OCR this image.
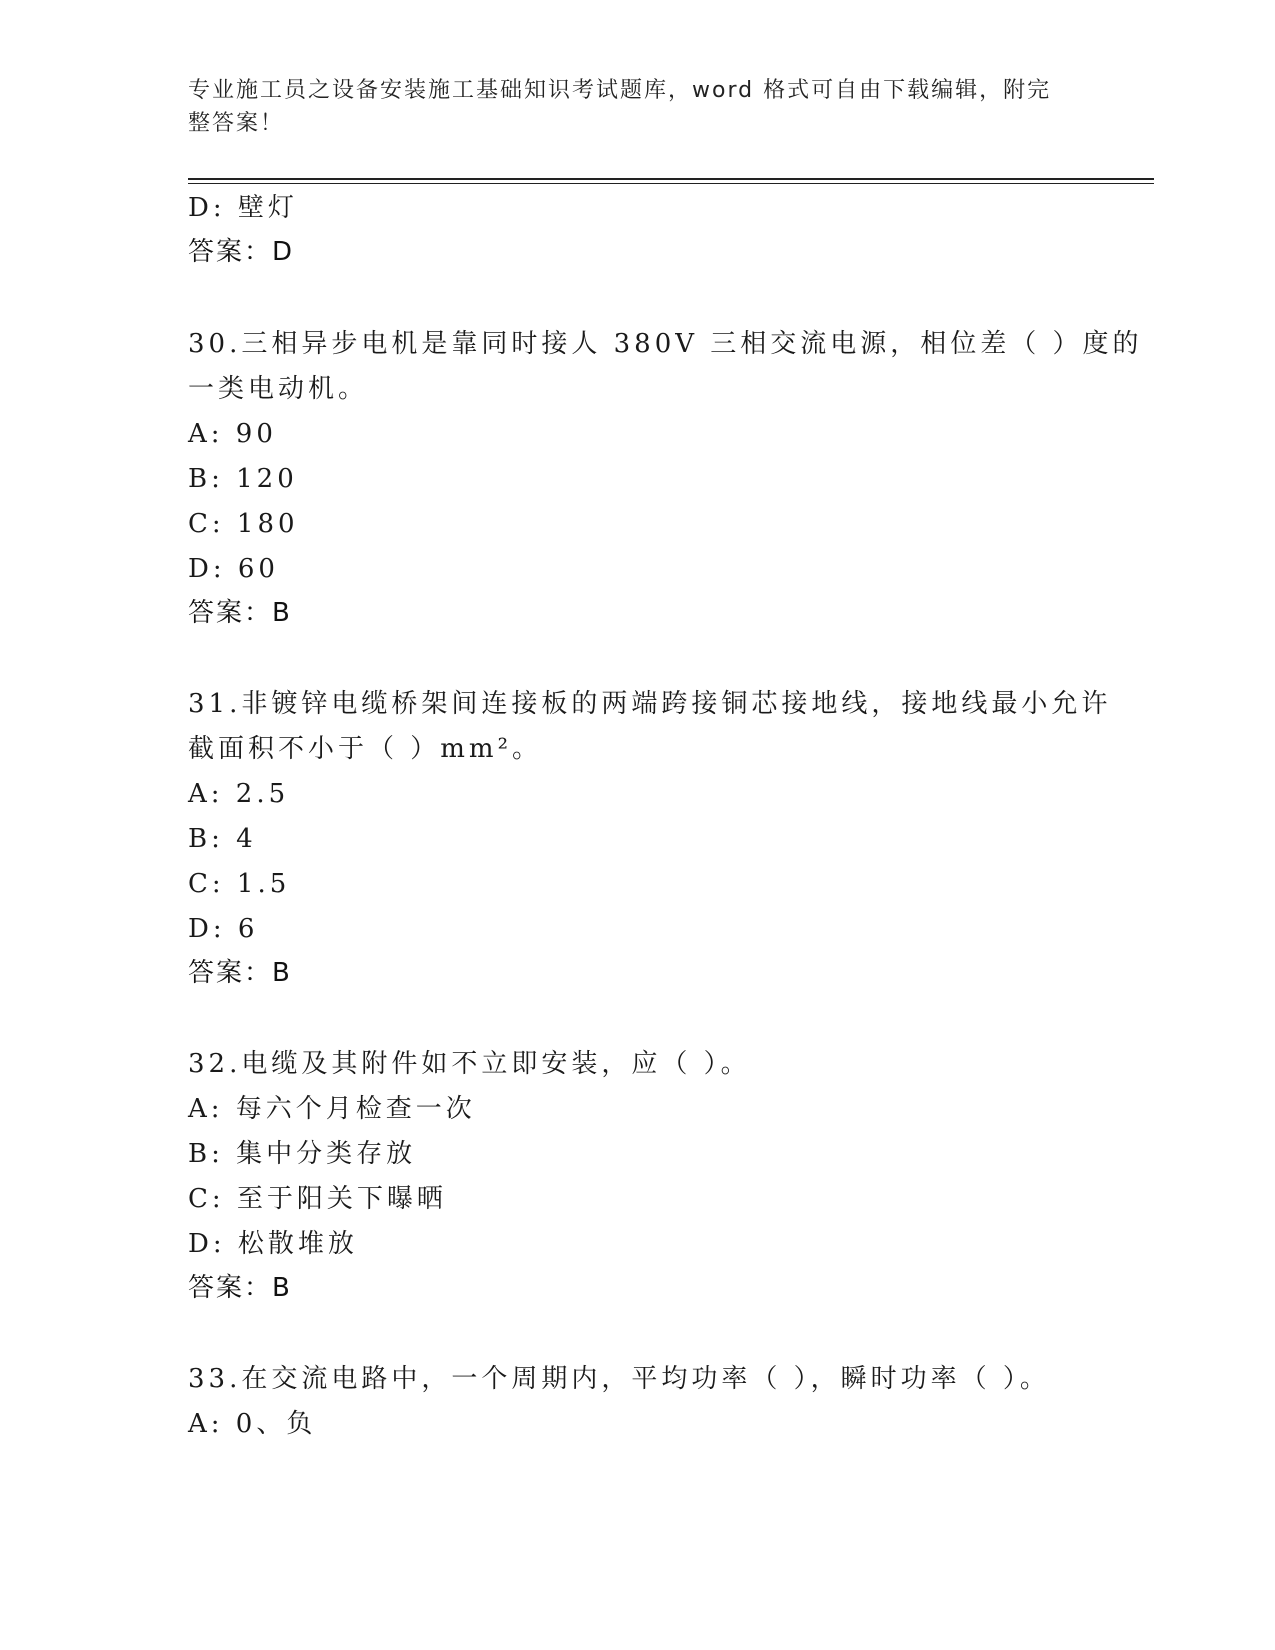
专业施工员之设备安装施工基础知识考试题库，word 格式可自由下载编辑，附完整答案！
D: 壁灯
答案：D
30.三相异步电机是靠同时接人 380V 三相交流电源，相位差（ ）度的
一类电动机。
A: 90
B: 120
C: 180
D: 60
答案：B
31.非镀锌电缆桥架间连接板的两端跨接铜芯接地线，接地线最小允许
截面积不小于（ ）mm²。
A: 2.5
B: 4
C: 1.5
D: 6
答案：B
32.电缆及其附件如不立即安装，应（ ）。
A: 每六个月检查一次
B: 集中分类存放
C: 至于阳关下曝晒
D: 松散堆放
答案：B
33.在交流电路中，一个周期内，平均功率（ ），瞬时功率（ ）。
A: 0、负
